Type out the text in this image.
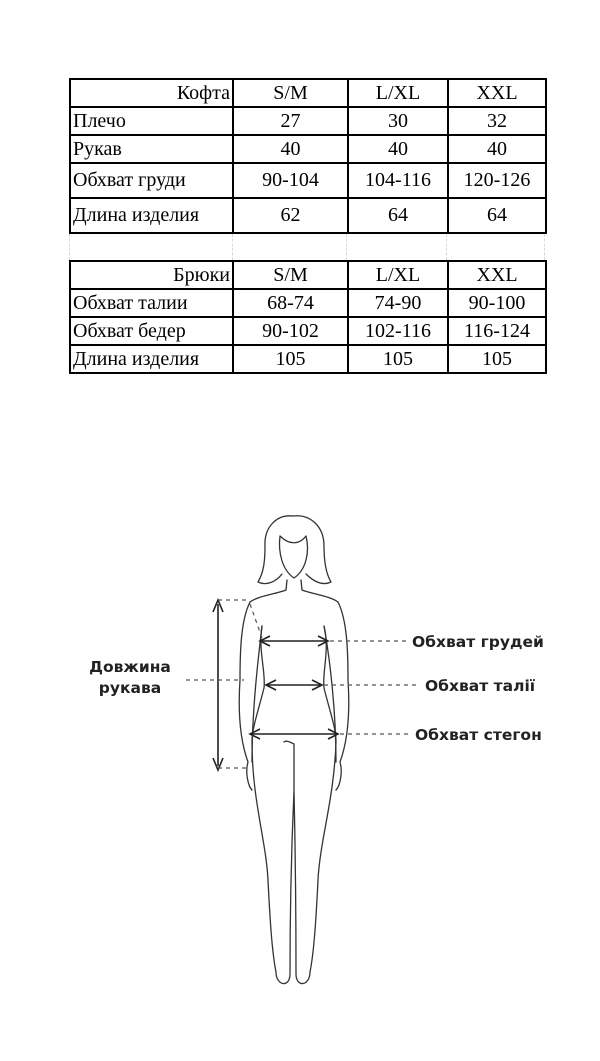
Кофта	S/M	L/XL	XXL
Плечо	27	30	32
Рукав	40	40	40
Обхват груди	90-104	104-116	120-126
Длина изделия	62	64	64
Брюки	S/M	L/XL	XXL
Обхват талии	68-74	74-90	90-100
Обхват бедер	90-102	102-116	116-124
Длина изделия	105	105	105
Довжина
рукава
Обхват грудей
Обхват талії
Обхват стегон
